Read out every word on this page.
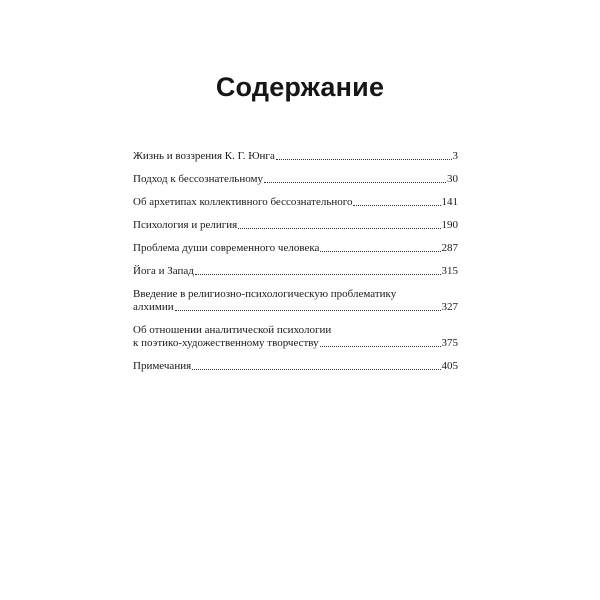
Содержание
Жизнь и воззрения К. Г. Юнга	3
Подход к бессознательному	30
Об архетипах коллективного бессознательного	141
Психология и религия	190
Проблема души современного человека	287
Йога и Запад	315
Введение в религиозно-психологическую проблематику
алхимии	327
Об отношении аналитической психологии
к поэтико-художественному творчеству	375
Примечания	405
